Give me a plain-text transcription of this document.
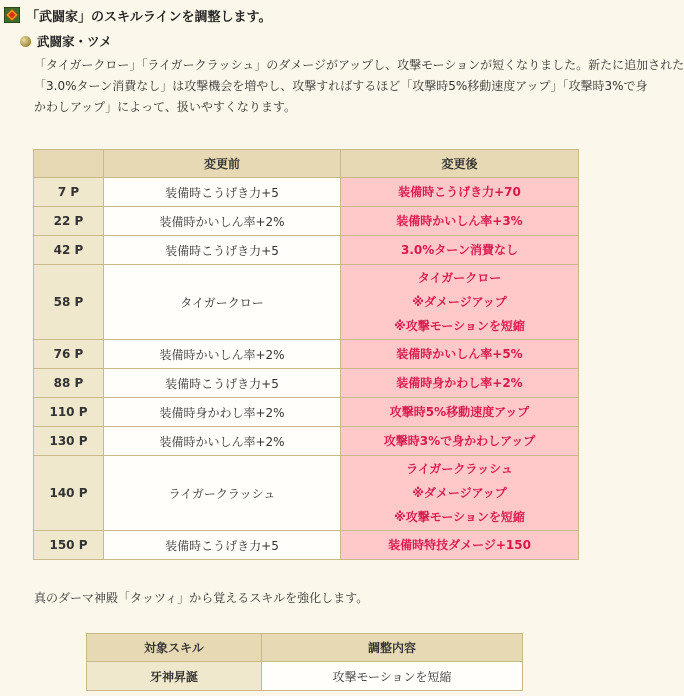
「武闘家」のスキルラインを調整します。
武闘家・ツメ
「タイガークロー」「ライガークラッシュ」のダメージがアップし、攻撃モーションが短くなりました。新たに追加された
「3.0%ターン消費なし」は攻撃機会を増やし、攻撃すればするほど「攻撃時5%移動速度アップ」「攻撃時3%で身
かわしアップ」によって、扱いやすくなります。
	変更前	変更後
7 P	装備時こうげき力+5	装備時こうげき力+70

22 P	装備時かいしん率+2%	装備時かいしん率+3%

42 P	装備時こうげき力+5	3.0%ターン消費なし

58 P	タイガークロー	タイガークロー
※ダメージアップ
※攻撃モーションを短縮

76 P	装備時かいしん率+2%	装備時かいしん率+5%

88 P	装備時こうげき力+5	装備時身かわし率+2%

110 P	装備時身かわし率+2%	攻撃時5%移動速度アップ

130 P	装備時かいしん率+2%	攻撃時3%で身かわしアップ

140 P	ライガークラッシュ	ライガークラッシュ
※ダメージアップ
※攻撃モーションを短縮

150 P	装備時こうげき力+5	装備時特技ダメージ+150
真のダーマ神殿「タッツィ」から覚えるスキルを強化します。
対象スキル	調整内容
牙神昇誕	攻撃モーションを短縮
